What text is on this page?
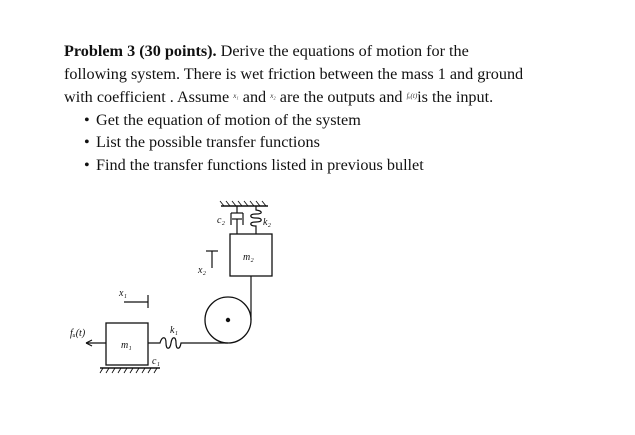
Problem 3 (30 points). Derive the equations of motion for the

following system. There is wet friction between the mass 1 and ground

with coefficient . Assume $^{x_1}$ and $^{x_2}$ are the outputs and $^{fᵤ(t)}$is the input.

• Get the equation of motion of the system
• List the possible transfer functions
• Find the transfer functions listed in previous bullet
c₂	k₂
m₂
x₂
x₁
fᵤ(t)
m₁
k₁
c₁
